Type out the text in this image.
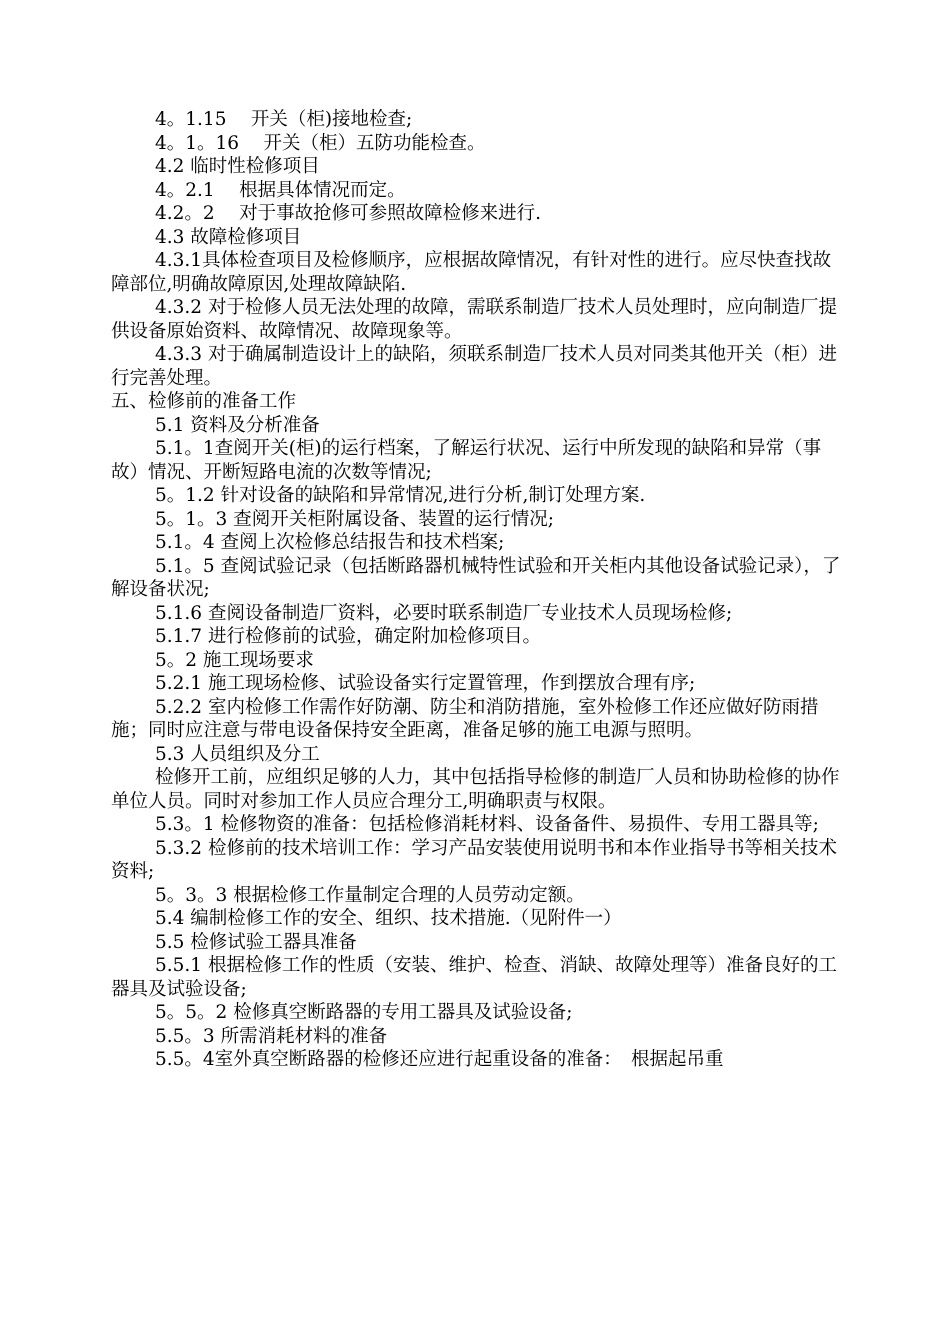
4。1.15　 开关（柜)接地检查;

4。1。16　 开关（柜）五防功能检查。

4.2 临时性检修项目

4。2.1　 根据具体情况而定。

4.2。2　 对于事故抢修可参照故障检修来进行.

4.3 故障检修项目

4.3.1具体检查项目及检修顺序，应根据故障情况，有针对性的进行。应尽快查找故障部位,明确故障原因,处理故障缺陷.

4.3.2 对于检修人员无法处理的故障，需联系制造厂技术人员处理时，应向制造厂提供设备原始资料、故障情况、故障现象等。

4.3.3 对于确属制造设计上的缺陷，须联系制造厂技术人员对同类其他开关（柜）进行完善处理。

五、检修前的准备工作

5.1 资料及分析准备

5.1。1查阅开关(柜)的运行档案，了解运行状况、运行中所发现的缺陷和异常（事故）情况、开断短路电流的次数等情况;

5。1.2 针对设备的缺陷和异常情况,进行分析,制订处理方案.

5。1。3 查阅开关柜附属设备、装置的运行情况;

5.1。4 查阅上次检修总结报告和技术档案;

5.1。5 查阅试验记录（包括断路器机械特性试验和开关柜内其他设备试验记录），了解设备状况;

5.1.6 查阅设备制造厂资料，必要时联系制造厂专业技术人员现场检修;

5.1.7 进行检修前的试验，确定附加检修项目。

5。2 施工现场要求

5.2.1 施工现场检修、试验设备实行定置管理，作到摆放合理有序;

5.2.2 室内检修工作需作好防潮、防尘和消防措施，室外检修工作还应做好防雨措施；同时应注意与带电设备保持安全距离，准备足够的施工电源与照明。

5.3 人员组织及分工

检修开工前，应组织足够的人力，其中包括指导检修的制造厂人员和协助检修的协作单位人员。同时对参加工作人员应合理分工,明确职责与权限。

5.3。1 检修物资的准备：包括检修消耗材料、设备备件、易损件、专用工器具等;

5.3.2 检修前的技术培训工作：学习产品安装使用说明书和本作业指导书等相关技术资料;

5。3。3 根据检修工作量制定合理的人员劳动定额。

5.4 编制检修工作的安全、组织、技术措施.（见附件一）

5.5 检修试验工器具准备

5.5.1 根据检修工作的性质（安装、维护、检查、消缺、故障处理等）准备良好的工器具及试验设备;

5。5。2 检修真空断路器的专用工器具及试验设备;

5.5。3 所需消耗材料的准备

5.5。4室外真空断路器的检修还应进行起重设备的准备：　根据起吊重
